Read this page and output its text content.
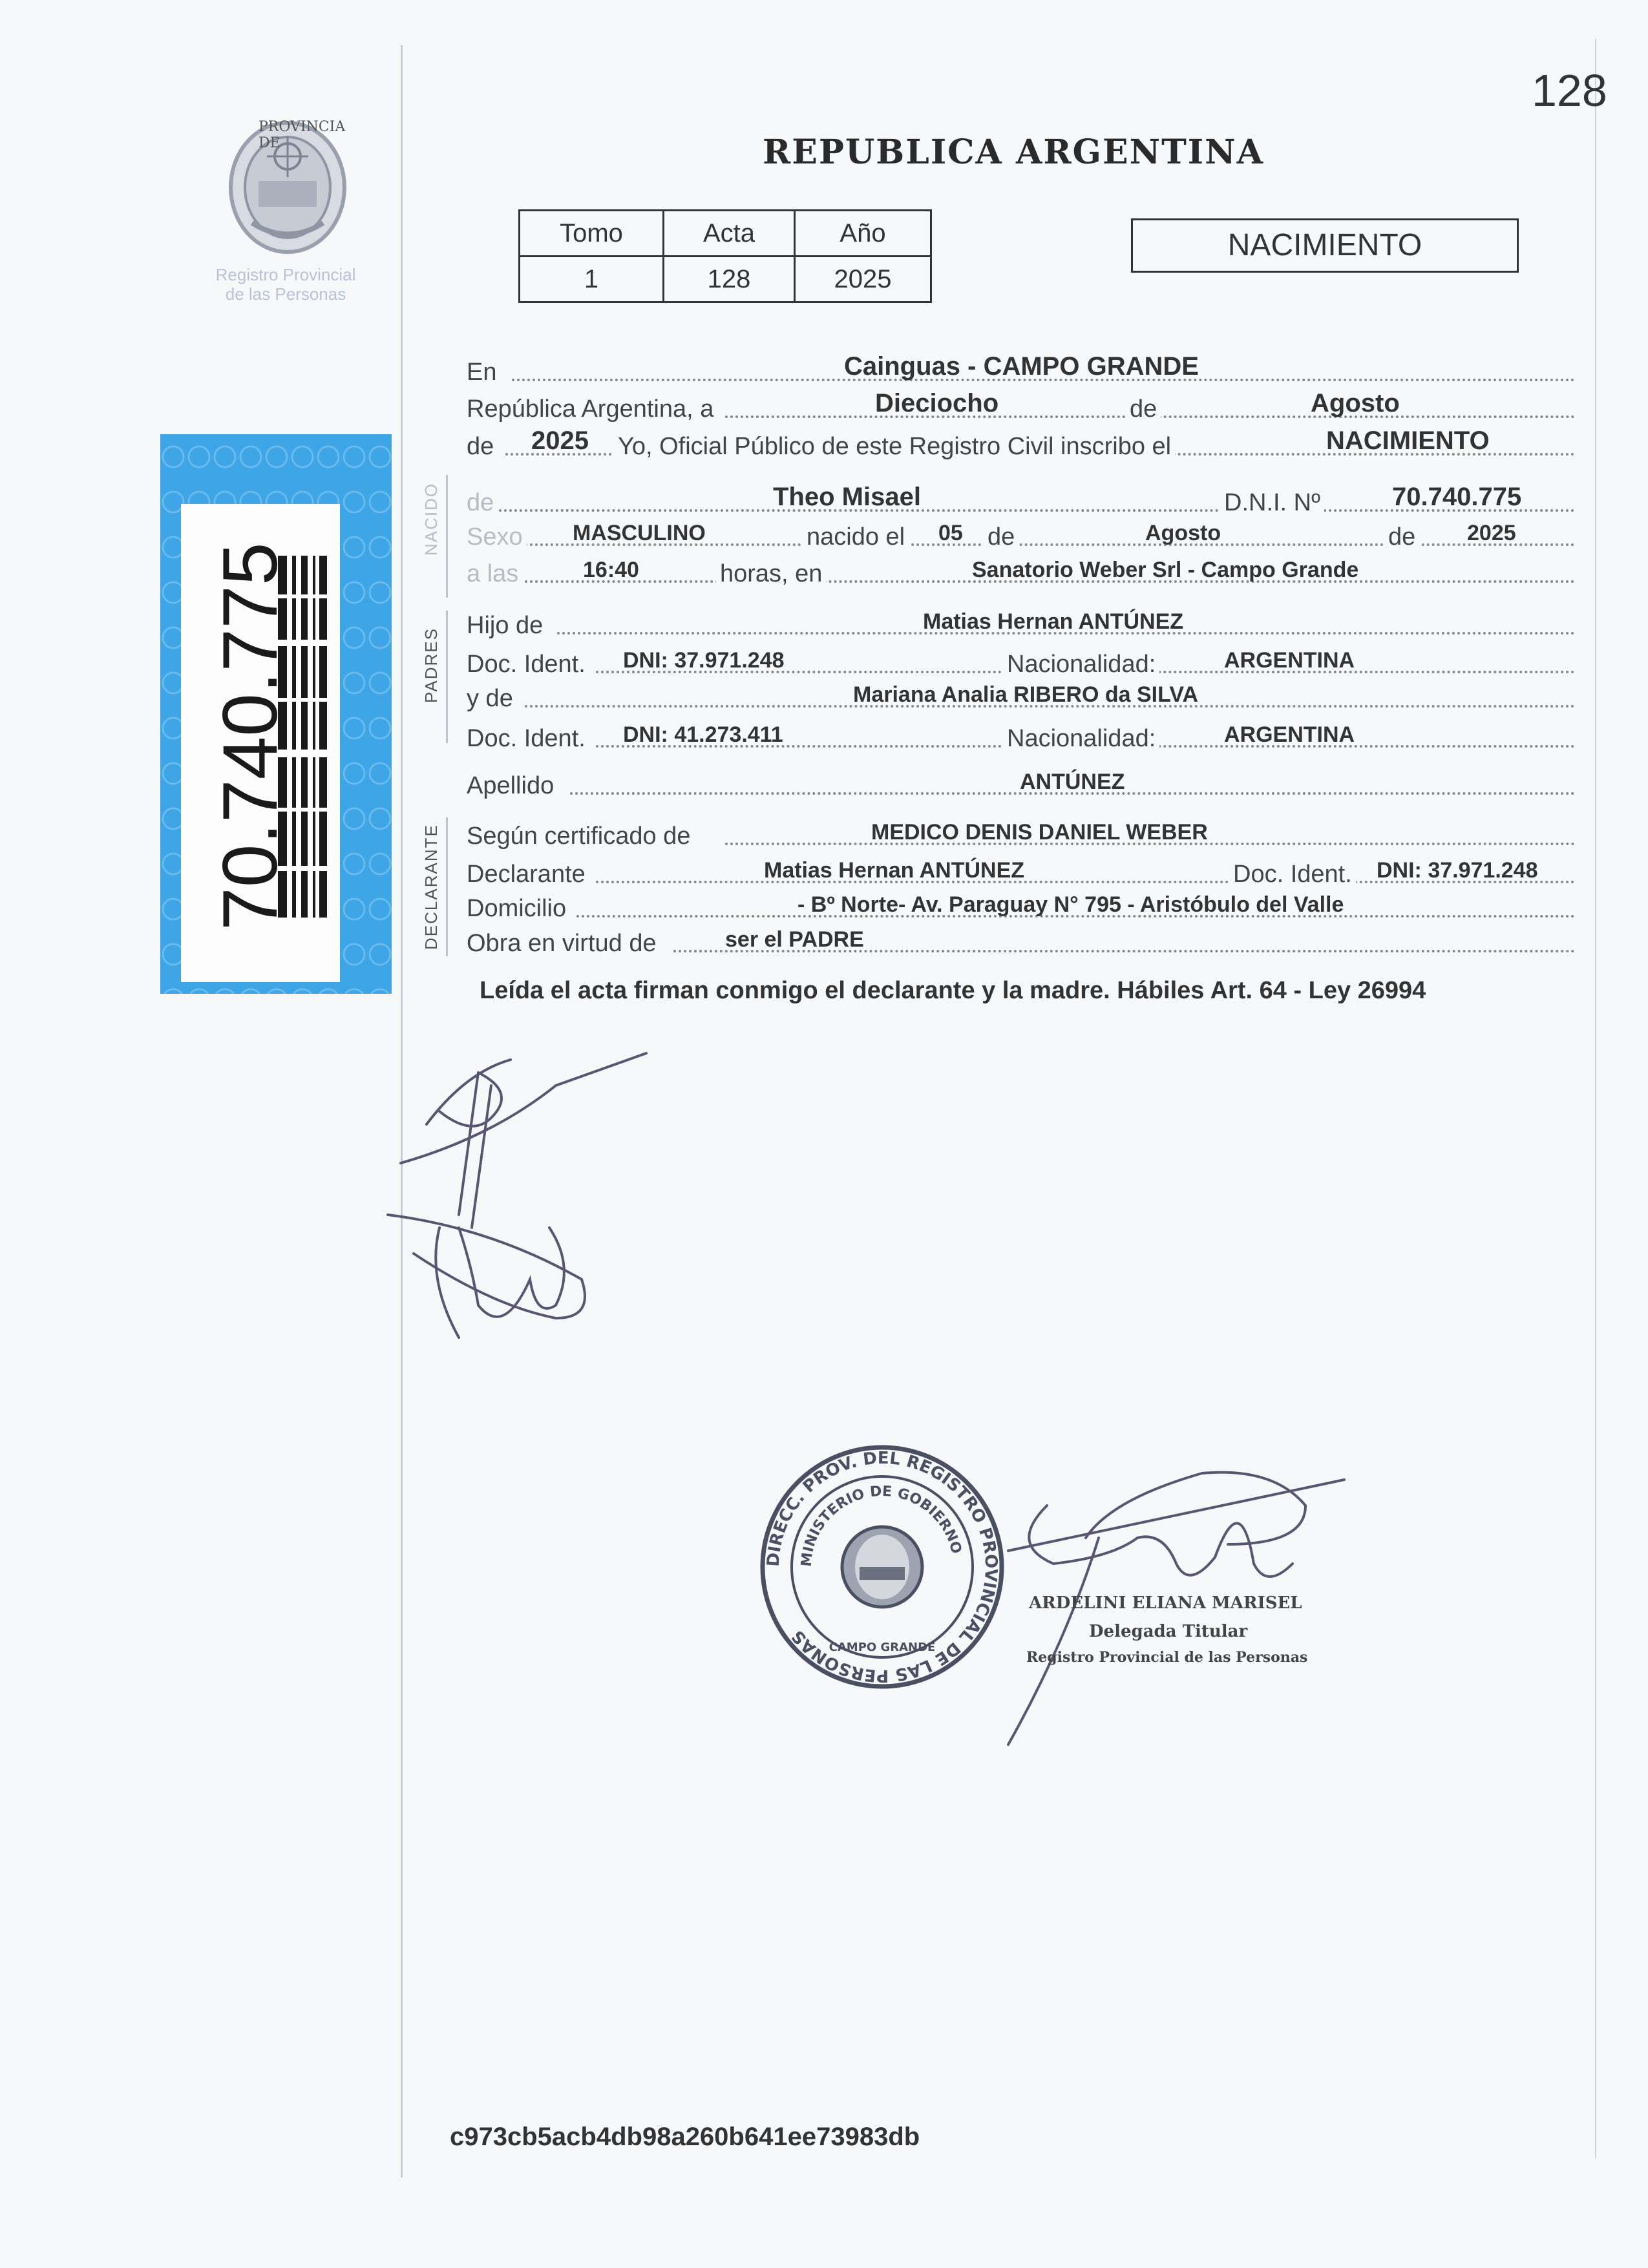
128
REPUBLICA ARGENTINA
PROVINCIA DE
Registro Provincial
de las Personas
70.740.775
Tomo	Acta	Año
1	128	2025
NACIMIENTO
NACIDO
PADRES
DECLARANTE
En	Cainguas - CAMPO GRANDE
República Argentina, a	Dieciocho	de	Agosto
de 2025 Yo, Oficial Público de este Registro Civil inscribo el	NACIMIENTO
de	Theo Misael	D.N.I. Nº	70.740.775
Sexo MASCULINO	nacido el 05 de	Agosto	de 2025
a las	16:40	horas, en	Sanatorio Weber Srl - Campo Grande
Hijo de	Matias Hernan ANTÚNEZ
Doc. Ident. DNI: 37.971.248	Nacionalidad:	ARGENTINA
y de	Mariana Analia RIBERO da SILVA
Doc. Ident. DNI: 41.273.411	Nacionalidad:	ARGENTINA
Apellido	ANTÚNEZ
Según certificado de	MEDICO DENIS DANIEL WEBER
Declarante	Matias Hernan ANTÚNEZ	Doc. Ident. DNI: 37.971.248
Domicilio	- Bº Norte- Av. Paraguay N° 795 - Aristóbulo del Valle
Obra en virtud de	ser el PADRE
Leída el acta firman conmigo el declarante y la madre. Hábiles Art. 64 - Ley 26994
DIRECC. PROV. DEL REGISTRO PROVINCIAL DE LAS PERSONAS
MINISTERIO DE GOBIERNO
CAMPO GRANDE
ARDELINI ELIANA MARISEL
Delegada Titular
Registro Provincial de las Personas
c973cb5acb4db98a260b641ee73983db
